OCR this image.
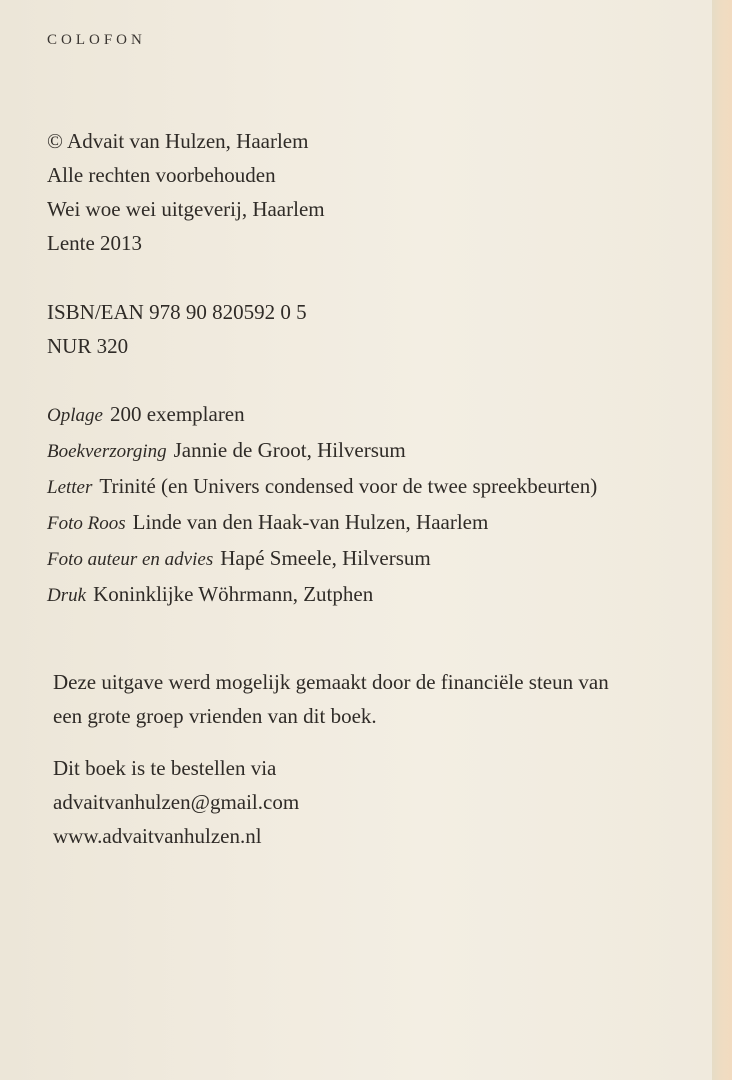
COLOFON
© Advait van Hulzen, Haarlem
Alle rechten voorbehouden
Wei woe wei uitgeverij, Haarlem
Lente 2013
ISBN/EAN 978 90 820592 0 5
NUR 320
Oplage 200 exemplaren
Boekverzorging Jannie de Groot, Hilversum
Letter Trinité (en Univers condensed voor de twee spreekbeurten)
Foto Roos Linde van den Haak-van Hulzen, Haarlem
Foto auteur en advies Hapé Smeele, Hilversum
Druk Koninklijke Wöhrmann, Zutphen
Deze uitgave werd mogelijk gemaakt door de financiële steun van
een grote groep vrienden van dit boek.
Dit boek is te bestellen via
advaitvanhulzen@gmail.com
www.advaitvanhulzen.nl
